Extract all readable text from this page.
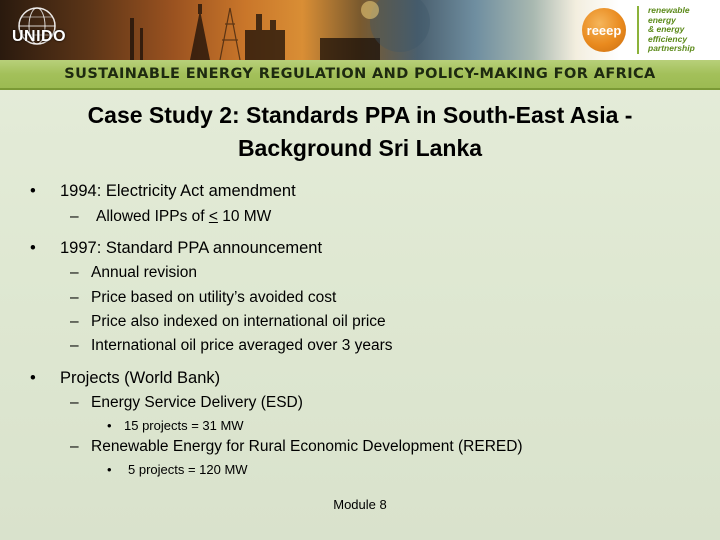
UNIDO	reeep
renewable
energy
& energy
efficiency
partnership
SUSTAINABLE ENERGY REGULATION AND POLICY-MAKING FOR AFRICA
Case Study 2: Standards PPA in South-East Asia -
Background Sri Lanka
• 1994: Electricity Act amendment
– Allowed IPPs of ≤ 10 MW
• 1997: Standard PPA announcement
– Annual revision
– Price based on utility’s avoided cost
– Price also indexed on international oil price
– International oil price averaged over 3 years
• Projects (World Bank)
– Energy Service Delivery (ESD)
• 15 projects = 31 MW
– Renewable Energy for Rural Economic Development (RERED)
• 5 projects = 120 MW
Module 8
